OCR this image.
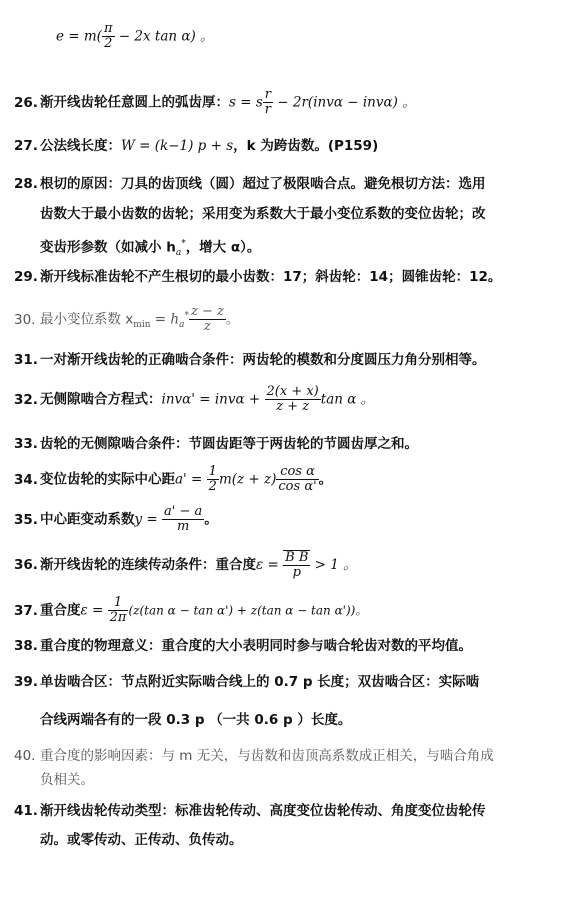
$e = m( \frac{\pi}{2} - 2x$ tan α) 。
26. 渐开线齿轮任意圆上的弧齿厚：s = s $\frac{r}{r} - 2r(inv\alpha - inv\alpha)$ 。
27. 公法线长度：W = (k−1) p + s，k 为跨齿数。(P159)
28. 根切的原因：刀具的齿顶线（圆）超过了极限啮合点。避免根切方法：选用
齿数大于最小齿数的齿轮；采用变为系数大于最小变位系数的变位齿轮；改
变齿形参数（如减小 $h_a^*$，增大 α）。
29. 渐开线标准齿轮不产生根切的最小齿数：17；斜齿轮：14；圆锥齿轮：12。
30. 最小变位系数 $x_{min} = h_a^* \frac{z - z}{z}$ 。
31. 一对渐开线齿轮的正确啮合条件：两齿轮的模数和分度圆压力角分别相等。
32. 无侧隙啮合方程式：$inv\alpha' = inv\alpha + \frac{2(x + x)}{z + z}$ tan α 。
33. 齿轮的无侧隙啮合条件：节圆齿距等于两齿轮的节圆齿厚之和。
34. 变位齿轮的实际中心距$a' = \frac{1}{2} m(z + z) \frac{\text{cos α}}{\text{cos α'}}$ 。
35. 中心距变动系数$y = \frac{a' - a}{m}$ 。
36. 渐开线齿轮的连续传动条件：重合度$\varepsilon = \frac{\text{B B}}{p} > 1$ 。
37. 重合度$\varepsilon = \frac{1}{2\pi} (z(\tan$ α − tan α') + z(tan α − tan α'))。
38. 重合度的物理意义：重合度的大小表明同时参与啮合轮齿对数的平均值。
39. 单齿啮合区：节点附近实际啮合线上的 0.7 p 长度；双齿啮合区：实际啮
合线两端各有的一段 0.3 p （一共 0.6 p ）长度。
40. 重合度的影响因素：与 m 无关，与齿数和齿顶高系数成正相关，与啮合角成
负相关。
41. 渐开线齿轮传动类型：标准齿轮传动、高度变位齿轮传动、角度变位齿轮传
动。或零传动、正传动、负传动。
